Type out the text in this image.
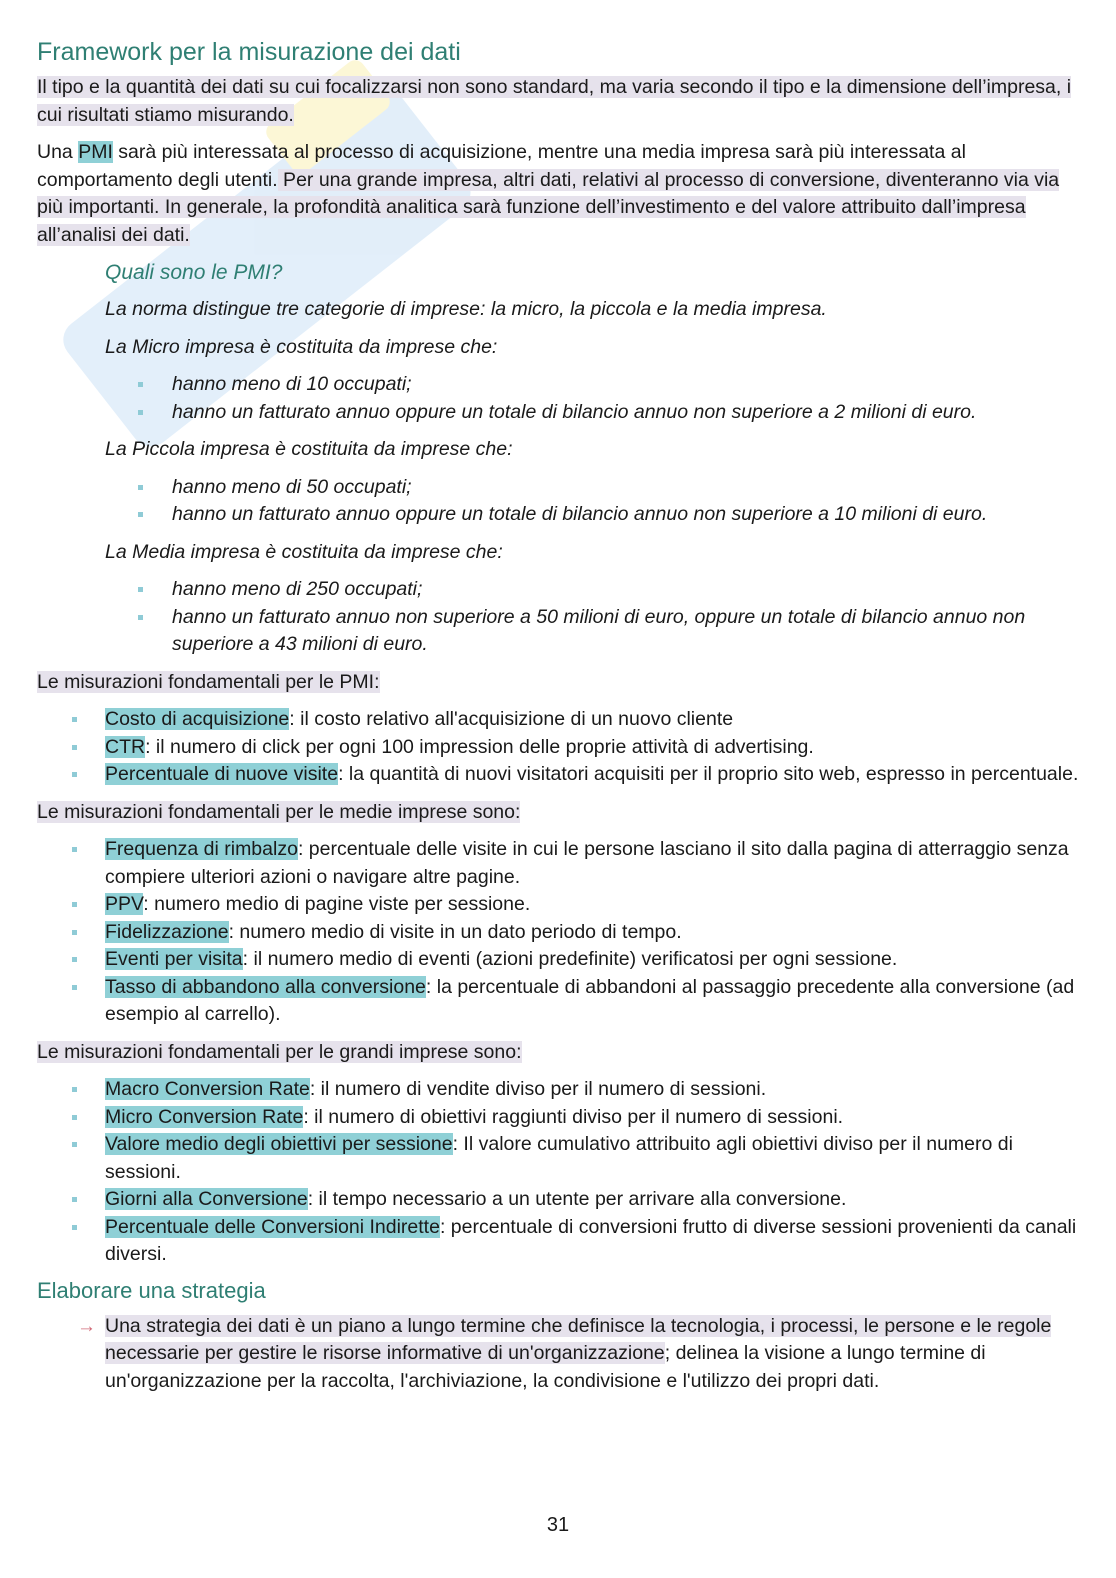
Framework per la misurazione dei dati

Il tipo e la quantità dei dati su cui focalizzarsi non sono standard, ma varia secondo il tipo e la dimensione dell’impresa, i cui risultati stiamo misurando.

Una PMI sarà più interessata al processo di acquisizione, mentre una media impresa sarà più interessata al comportamento degli utenti. Per una grande impresa, altri dati, relativi al processo di conversione, diventeranno via via più importanti. In generale, la profondità analitica sarà funzione dell’investimento e del valore attribuito dall’impresa all’analisi dei dati.

Quali sono le PMI?

La norma distingue tre categorie di imprese: la micro, la piccola e la media impresa.

La Micro impresa è costituita da imprese che:

hanno meno di 10 occupati;
hanno un fatturato annuo oppure un totale di bilancio annuo non superiore a 2 milioni di euro.

La Piccola impresa è costituita da imprese che:

hanno meno di 50 occupati;
hanno un fatturato annuo oppure un totale di bilancio annuo non superiore a 10 milioni di euro.

La Media impresa è costituita da imprese che:

hanno meno di 250 occupati;
hanno un fatturato annuo non superiore a 50 milioni di euro, oppure un totale di bilancio annuo non superiore a 43 milioni di euro.

Le misurazioni fondamentali per le PMI:

Costo di acquisizione: il costo relativo all'acquisizione di un nuovo cliente
CTR: il numero di click per ogni 100 impression delle proprie attività di advertising.
Percentuale di nuove visite: la quantità di nuovi visitatori acquisiti per il proprio sito web, espresso in percentuale.

Le misurazioni fondamentali per le medie imprese sono:

Frequenza di rimbalzo: percentuale delle visite in cui le persone lasciano il sito dalla pagina di atterraggio senza compiere ulteriori azioni o navigare altre pagine.
PPV: numero medio di pagine viste per sessione.
Fidelizzazione: numero medio di visite in un dato periodo di tempo.
Eventi per visita: il numero medio di eventi (azioni predefinite) verificatosi per ogni sessione.
Tasso di abbandono alla conversione: la percentuale di abbandoni al passaggio precedente alla conversione (ad esempio al carrello).

Le misurazioni fondamentali per le grandi imprese sono:

Macro Conversion Rate: il numero di vendite diviso per il numero di sessioni.
Micro Conversion Rate: il numero di obiettivi raggiunti diviso per il numero di sessioni.
Valore medio degli obiettivi per sessione: Il valore cumulativo attribuito agli obiettivi diviso per il numero di sessioni.
Giorni alla Conversione: il tempo necessario a un utente per arrivare alla conversione.
Percentuale delle Conversioni Indirette: percentuale di conversioni frutto di diverse sessioni provenienti da canali diversi.
Elaborare una strategia
→ Una strategia dei dati è un piano a lungo termine che definisce la tecnologia, i processi, le persone e le regole necessarie per gestire le risorse informative di un'organizzazione; delinea la visione a lungo termine di un'organizzazione per la raccolta, l'archiviazione, la condivisione e l'utilizzo dei propri dati.
31
